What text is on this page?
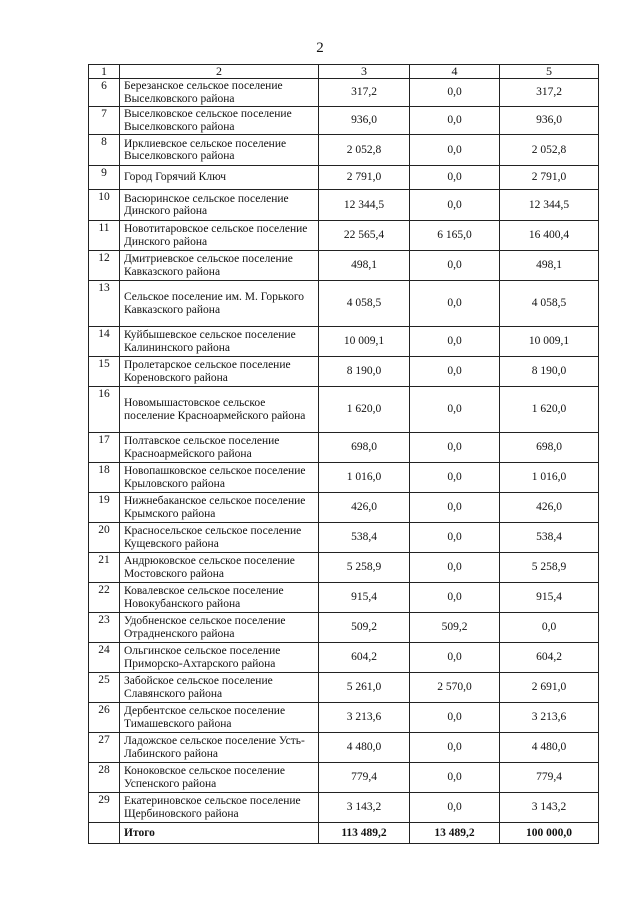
2
1	2	3	4	5
6	Березанское сельское поселение Выселковского района	317,2	0,0	317,2
7	Выселковское сельское поселение Выселковского района	936,0	0,0	936,0
8	Ирклиевское сельское поселение Выселковского района	2 052,8	0,0	2 052,8
9	Город Горячий Ключ	2 791,0	0,0	2 791,0
10	Васюринское сельское поселение Динского района	12 344,5	0,0	12 344,5
11	Новотитаровское сельское поселение Динского района	22 565,4	6 165,0	16 400,4
12	Дмитриевское сельское поселение Кавказского района	498,1	0,0	498,1
13	Сельское поселение им. М. Горького Кавказского района	4 058,5	0,0	4 058,5
14	Куйбышевское сельское поселение Калининского района	10 009,1	0,0	10 009,1
15	Пролетарское сельское поселение Кореновского района	8 190,0	0,0	8 190,0
16	Новомышастовское сельское поселение Красноармейского района	1 620,0	0,0	1 620,0
17	Полтавское сельское поселение Красноармейского района	698,0	0,0	698,0
18	Новопашковское сельское поселение Крыловского района	1 016,0	0,0	1 016,0
19	Нижнебаканское сельское поселение Крымского района	426,0	0,0	426,0
20	Красносельское сельское поселение Кущевского района	538,4	0,0	538,4
21	Андрюковское сельское поселение Мостовского района	5 258,9	0,0	5 258,9
22	Ковалевское сельское поселение Новокубанского района	915,4	0,0	915,4
23	Удобненское сельское поселение Отрадненского района	509,2	509,2	0,0
24	Ольгинское сельское поселение Приморско-Ахтарского района	604,2	0,0	604,2
25	Забойское сельское поселение Славянского района	5 261,0	2 570,0	2 691,0
26	Дербентское сельское поселение Тимашевского района	3 213,6	0,0	3 213,6
27	Ладожское сельское поселение Усть-Лабинского района	4 480,0	0,0	4 480,0
28	Коноковское сельское поселение Успенского района	779,4	0,0	779,4
29	Екатериновское сельское поселение Щербиновского района	3 143,2	0,0	3 143,2
	Итого	113 489,2	13 489,2	100 000,0
